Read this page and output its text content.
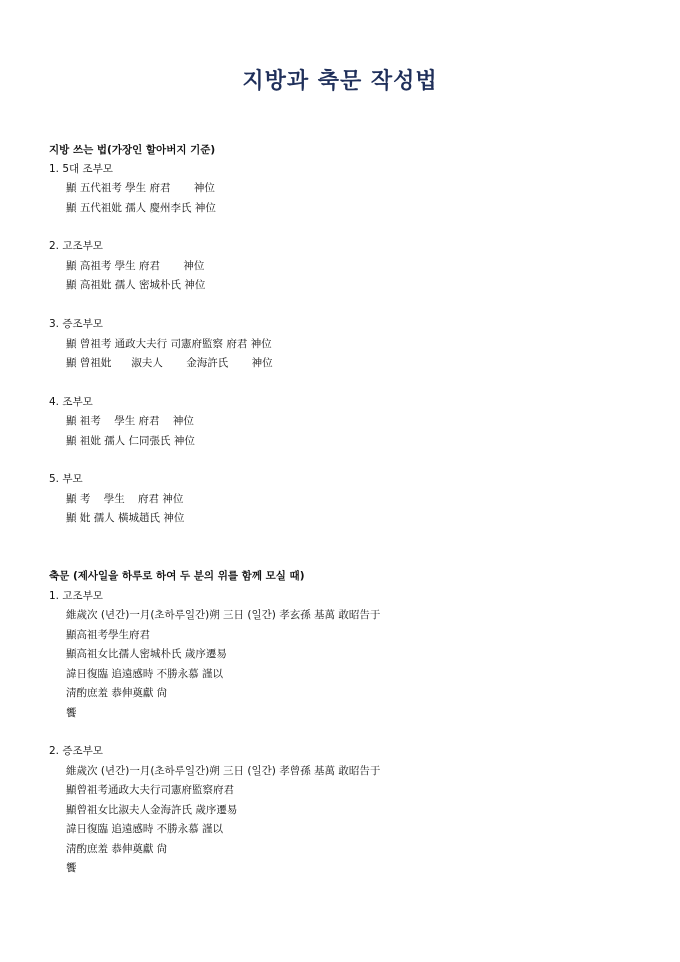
지방과 축문 작성법
지방 쓰는 법(가장인 할아버지 기준)
1. 5대 조부모
顯 五代祖考 學生 府君       神位
顯 五代祖妣 孺人 慶州李氏 神位
2. 고조부모
顯 高祖考 學生 府君       神位
顯 高祖妣 孺人 密城朴氏 神位
3. 증조부모
顯 曾祖考 通政大夫行 司憲府監察 府君 神位
顯 曾祖妣      淑夫人       金海許氏       神位
4. 조부모
顯 祖考    學生 府君    神位
顯 祖妣 孺人 仁同張氏 神位
5. 부모
顯 考    學生    府君 神位
顯 妣 孺人 橫城趙氏 神位
축문 (제사일을 하루로 하여 두 분의 위를 함께 모실 때)
1. 고조부모
維歲次 (년간)一月(초하루일간)朔 三日 (일간) 孝玄孫 基萬 敢昭告于
顯高祖考學生府君
顯高祖女比孺人密城朴氏 歲序遷易
諱日復臨 追遠感時 不勝永慕 謹以
淸酌庶羞 恭伸奠獻 尙
饗
2. 증조부모
維歲次 (년간)一月(초하루일간)朔 三日 (일간) 孝曾孫 基萬 敢昭告于
顯曾祖考通政大夫行司憲府監察府君
顯曾祖女比淑夫人金海許氏 歲序遷易
諱日復臨 追遠感時 不勝永慕 謹以
淸酌庶羞 恭伸奠獻 尙
饗
